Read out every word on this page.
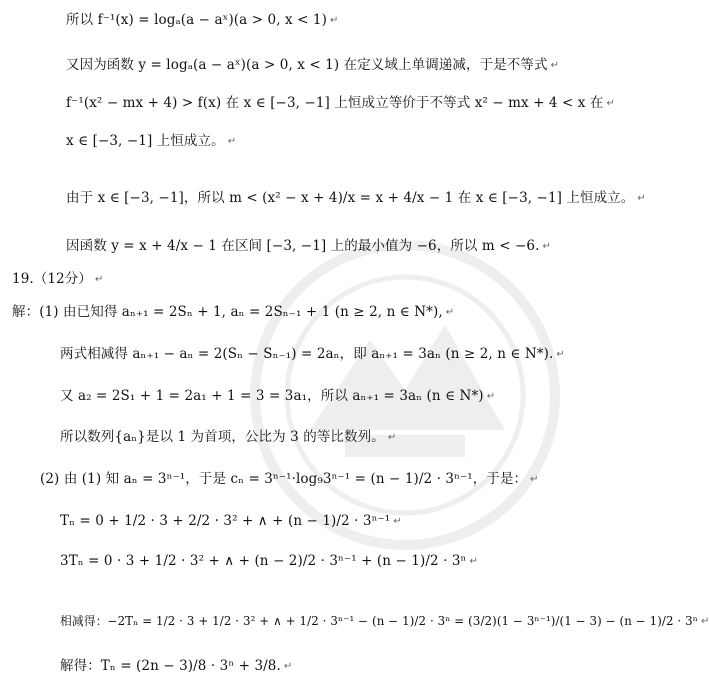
所以 f⁻¹(x) = logₐ(a − aˣ)(a > 0, x < 1) ↵
又因为函数 y = logₐ(a − aˣ)(a > 0, x < 1) 在定义域上单调递减，于是不等式 ↵
f⁻¹(x² − mx + 4) > f(x) 在 x ∈ [−3, −1] 上恒成立等价于不等式 x² − mx + 4 < x 在 ↵
x ∈ [−3, −1] 上恒成立。 ↵
由于 x ∈ [−3, −1]，所以 m < (x² − x + 4)/x = x + 4/x − 1 在 x ∈ [−3, −1] 上恒成立。 ↵
因函数 y = x + 4/x − 1 在区间 [−3, −1] 上的最小值为 −6，所以 m < −6. ↵
19.（12分） ↵
解：(1) 由已知得 aₙ₊₁ = 2Sₙ + 1, aₙ = 2Sₙ₋₁ + 1 (n ≥ 2, n ∈ N*), ↵
两式相减得 aₙ₊₁ − aₙ = 2(Sₙ − Sₙ₋₁) = 2aₙ，即 aₙ₊₁ = 3aₙ (n ≥ 2, n ∈ N*). ↵
又 a₂ = 2S₁ + 1 = 2a₁ + 1 = 3 = 3a₁，所以 aₙ₊₁ = 3aₙ (n ∈ N*) ↵
所以数列{aₙ}是以 1 为首项，公比为 3 的等比数列。 ↵
(2) 由 (1) 知 aₙ = 3ⁿ⁻¹，于是 cₙ = 3ⁿ⁻¹·log₉3ⁿ⁻¹ = (n − 1)/2 · 3ⁿ⁻¹，于是： ↵
Tₙ = 0 + 1/2 · 3 + 2/2 · 3² + ∧ + (n − 1)/2 · 3ⁿ⁻¹ ↵
3Tₙ = 0 · 3 + 1/2 · 3² + ∧ + (n − 2)/2 · 3ⁿ⁻¹ + (n − 1)/2 · 3ⁿ ↵
相减得：−2Tₙ = 1/2 · 3 + 1/2 · 3² + ∧ + 1/2 · 3ⁿ⁻¹ − (n − 1)/2 · 3ⁿ = (3/2)(1 − 3ⁿ⁻¹)/(1 − 3) − (n − 1)/2 · 3ⁿ ↵
解得：Tₙ = (2n − 3)/8 · 3ⁿ + 3/8. ↵
